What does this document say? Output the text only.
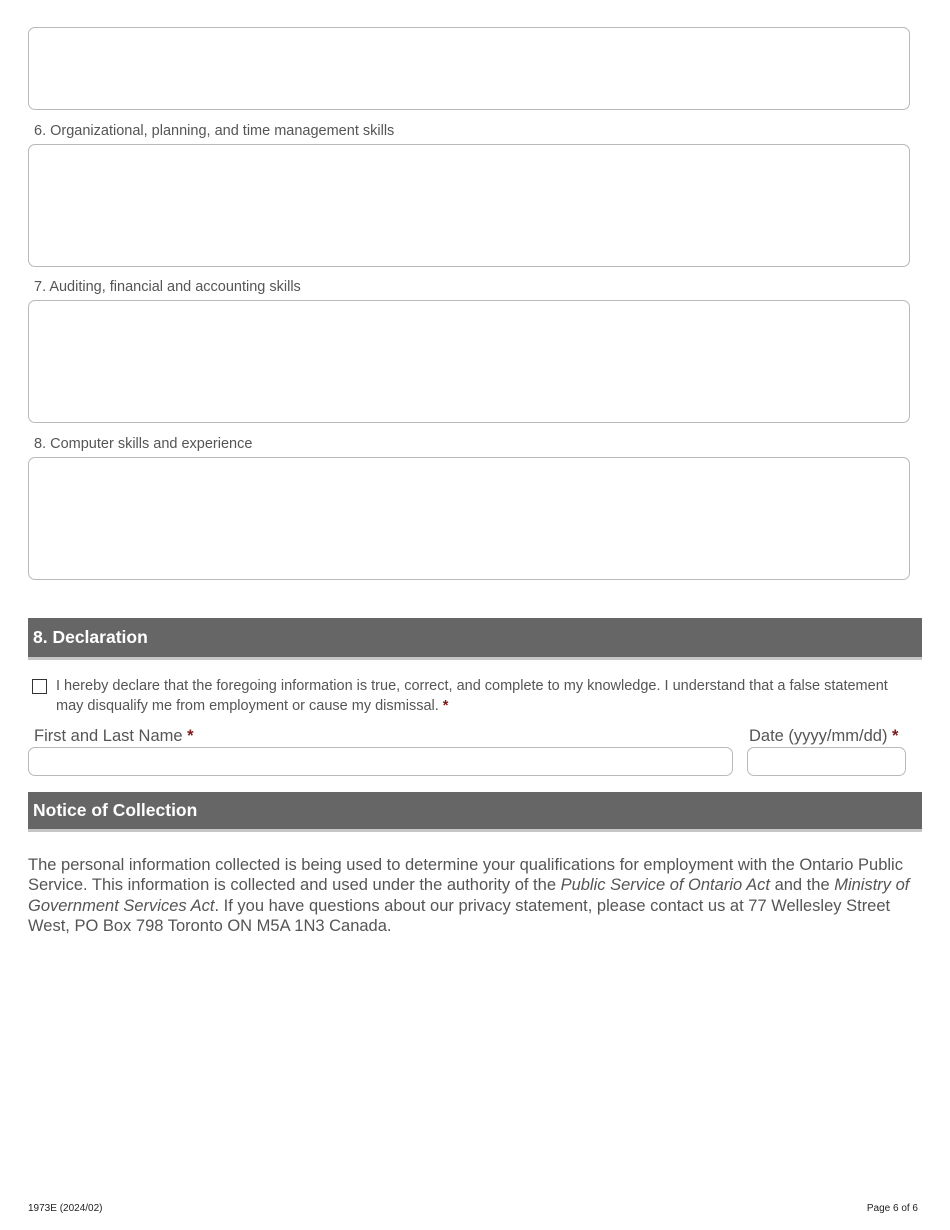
6. Organizational, planning, and time management skills
7. Auditing, financial and accounting skills
8. Computer skills and experience
8. Declaration
I hereby declare that the foregoing information is true, correct, and complete to my knowledge. I understand that a false statement may disqualify me from employment or cause my dismissal. *
First and Last Name *	Date (yyyy/mm/dd) *
Notice of Collection
The personal information collected is being used to determine your qualifications for employment with the Ontario Public Service. This information is collected and used under the authority of the Public Service of Ontario Act and the Ministry of Government Services Act. If you have questions about our privacy statement, please contact us at 77 Wellesley Street West, PO Box 798 Toronto ON M5A 1N3 Canada.
1973E (2024/02)	Page 6 of 6
